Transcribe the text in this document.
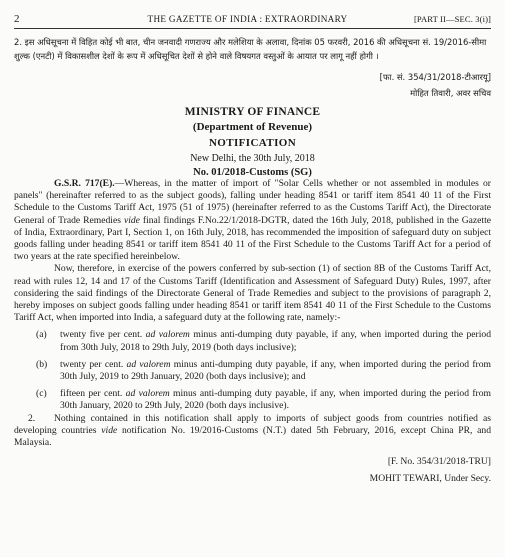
2	THE GAZETTE OF INDIA : EXTRAORDINARY	[PART II—SEC. 3(i)]

2. इस अधिसूचना में विहित कोई भी बात, चीन जनवादी गणराज्य और मलेशिया के अलावा, दिनांक 05 फरवरी, 2016 की अधिसूचना सं. 19/2016-सीमा शुल्क (एनटी) में विकासशील देशों के रूप में अधिसूचित देशों से होने वाले विषयगत वस्तुओं के आयात पर लागू नहीं होगी ।

[फा. सं. 354/31/2018-टीआरयू]
मोहित तिवारी, अवर सचिव
MINISTRY OF FINANCE
(Department of Revenue)
NOTIFICATION
New Delhi, the 30th July, 2018
No. 01/2018-Customs (SG)

G.S.R. 717(E).—Whereas, in the matter of import of "Solar Cells whether or not assembled in modules or panels" (hereinafter referred to as the subject goods), falling under heading 8541 or tariff item 8541 40 11 of the First Schedule to the Customs Tariff Act, 1975 (51 of 1975) (hereinafter referred to as the Customs Tariff Act), the Directorate General of Trade Remedies vide final findings F.No.22/1/2018-DGTR, dated the 16th July, 2018, published in the Gazette of India, Extraordinary, Part I, Section 1, on 16th July, 2018, has recommended the imposition of safeguard duty on subject goods falling under heading 8541 or tariff item 8541 40 11 of the First Schedule to the Customs Tariff Act for a period of two years at the rate specified hereinbelow.

Now, therefore, in exercise of the powers conferred by sub-section (1) of section 8B of the Customs Tariff Act, read with rules 12, 14 and 17 of the Customs Tariff (Identification and Assessment of Safeguard Duty) Rules, 1997, after considering the said findings of the Directorate General of Trade Remedies and subject to the provisions of paragraph 2, hereby imposes on subject goods falling under heading 8541 or tariff item 8541 40 11 of the First Schedule to the Customs Tariff Act, when imported into India, a safeguard duty at the following rate, namely:-

(a)	twenty five per cent. ad valorem minus anti-dumping duty payable, if any, when imported during the period from 30th July, 2018 to 29th July, 2019 (both days inclusive);
(b)	twenty per cent. ad valorem minus anti-dumping duty payable, if any, when imported during the period from 30th July, 2019 to 29th January, 2020 (both days inclusive); and
(c)	fifteen per cent. ad valorem minus anti-dumping duty payable, if any, when imported during the period from 30th January, 2020 to 29th July, 2020 (both days inclusive).

2. Nothing contained in this notification shall apply to imports of subject goods from countries notified as developing countries vide notification No. 19/2016-Customs (N.T.) dated 5th February, 2016, except China PR, and Malaysia.

[F. No. 354/31/2018-TRU]
MOHIT TEWARI, Under Secy.
